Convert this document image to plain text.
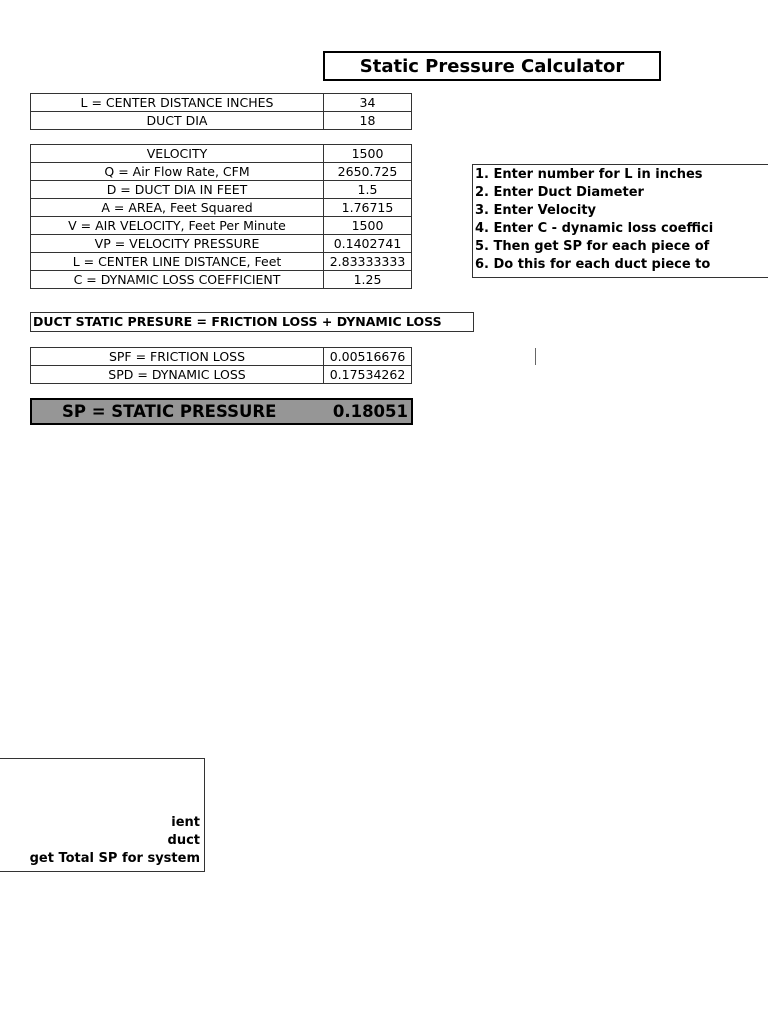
Static Pressure Calculator
L = CENTER DISTANCE INCHES	34
DUCT DIA	18
VELOCITY	1500
Q = Air Flow Rate, CFM	2650.725
D = DUCT DIA IN FEET	1.5
A = AREA, Feet Squared	1.76715
V = AIR VELOCITY, Feet Per Minute	1500
VP = VELOCITY PRESSURE	0.1402741
L = CENTER LINE DISTANCE, Feet	2.83333333
C = DYNAMIC LOSS COEFFICIENT	1.25
DUCT STATIC PRESURE = FRICTION LOSS + DYNAMIC LOSS
SPF = FRICTION LOSS	0.00516676
SPD = DYNAMIC LOSS	0.17534262
SP = STATIC PRESSURE	0.18051
1. Enter number for L in inches
2. Enter Duct Diameter
3. Enter Velocity
4. Enter C - dynamic loss coeffici
5. Then get SP for each piece of
6. Do this for each duct piece to
ient
duct
get Total SP for system
